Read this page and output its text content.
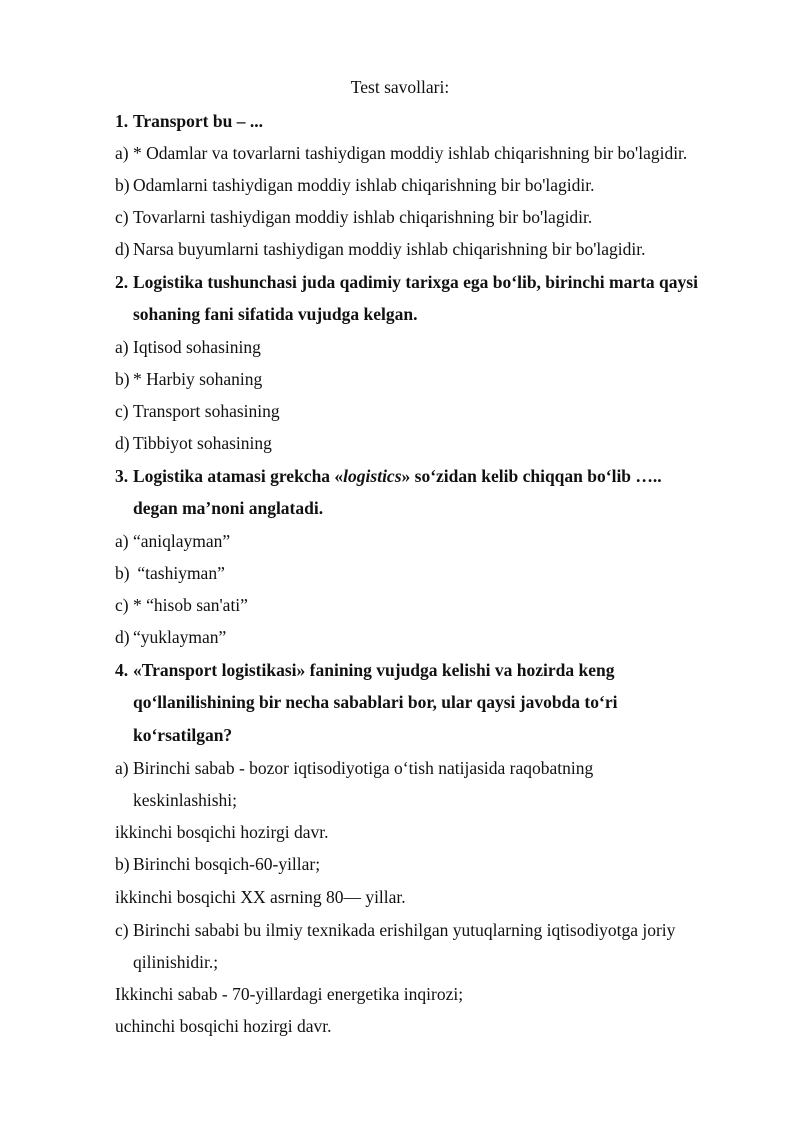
Test savollari:
1. Transport bu – ...
a) * Odamlar va tovarlarni tashiydigan moddiy ishlab chiqarishning bir bo'lagidir.
b) Odamlarni tashiydigan moddiy ishlab chiqarishning bir bo'lagidir.
c) Tovarlarni tashiydigan moddiy ishlab chiqarishning bir bo'lagidir.
d) Narsa buyumlarni tashiydigan moddiy ishlab chiqarishning bir bo'lagidir.
2. Logistika tushunchasi juda qadimiy tarixga ega bo‘lib, birinchi marta qaysi
sohaning fani sifatida vujudga kelgan.
a) Iqtisod sohasining
b) * Harbiy sohaning
c) Transport sohasining
d) Tibbiyot sohasining
3. Logistika atamasi grekcha «logistics» so‘zidan kelib chiqqan bo‘lib …..
degan ma’noni anglatadi.
a) “aniqlayman”
b) “tashiyman”
c) * “hisob san'ati”
d) “yuklayman”
4. «Transport logistikasi» fanining vujudga kelishi va hozirda keng
qo‘llanilishining bir necha sabablari bor, ular qaysi javobda to‘ri
ko‘rsatilgan?
a) Birinchi sabab - bozor iqtisodiyotiga o‘tish natijasida raqobatning
keskinlashishi;
ikkinchi bosqichi hozirgi davr.
b) Birinchi bosqich-60-yillar;
ikkinchi bosqichi XX asrning 80— yillar.
c) Birinchi sababi bu ilmiy texnikada erishilgan yutuqlarning iqtisodiyotga joriy
qilinishidir.;
Ikkinchi sabab - 70-yillardagi energetika inqirozi;
uchinchi bosqichi hozirgi davr.
